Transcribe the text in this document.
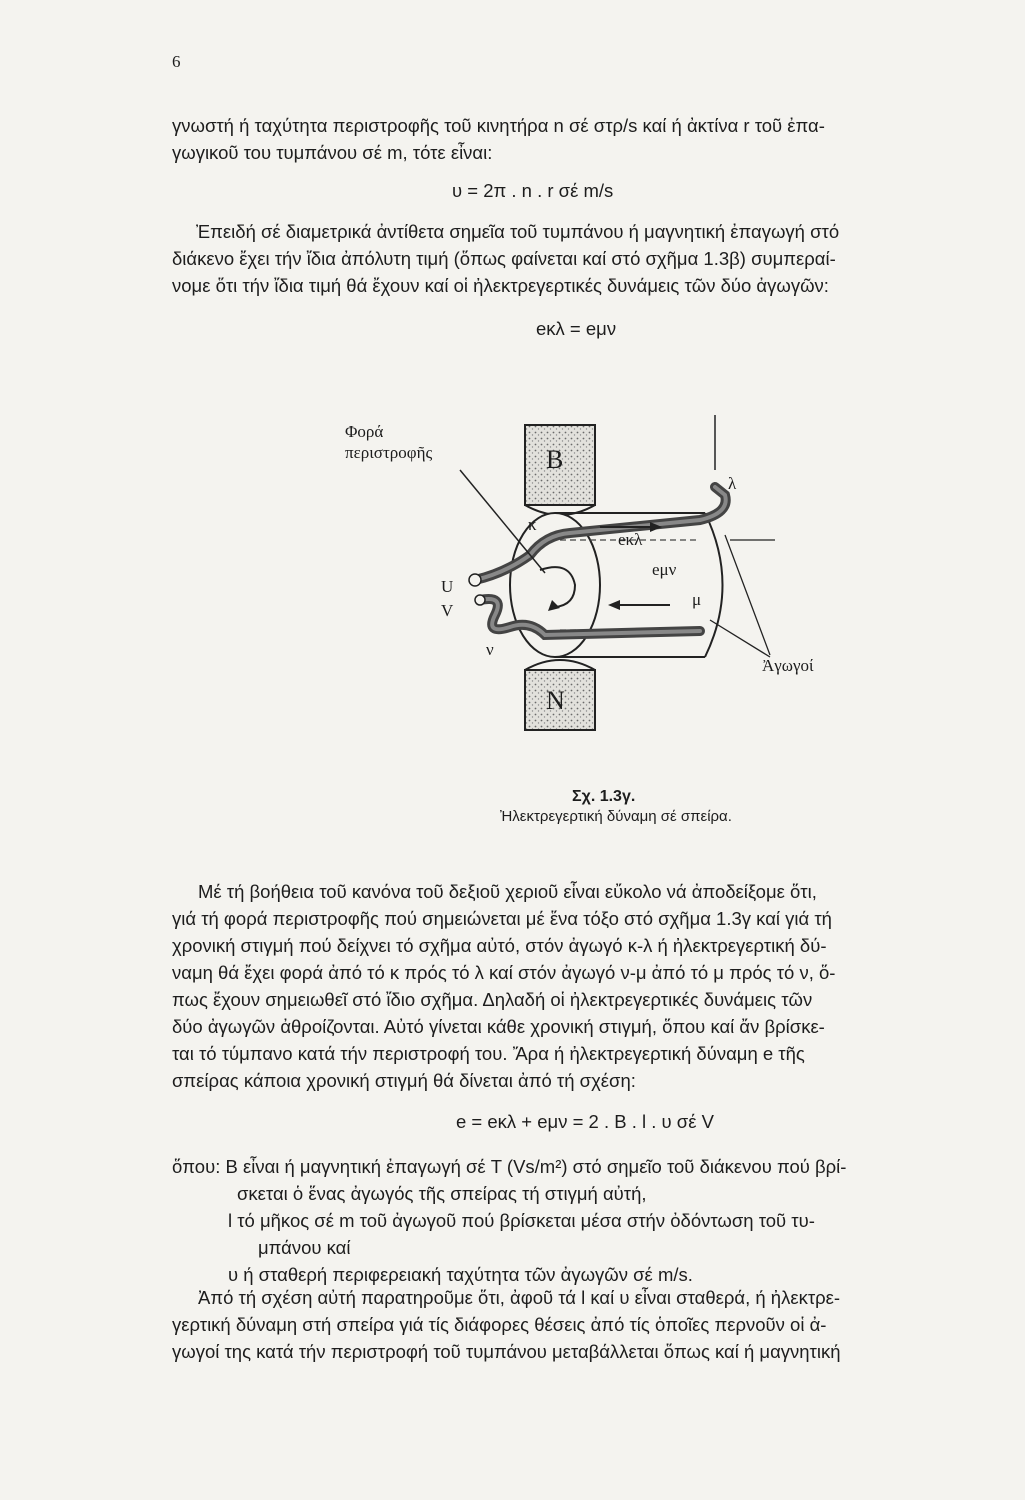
6
γνωστή ή ταχύτητα περιστροφῆς τοῦ κινητήρα n σέ στρ/s καί ή ἀκτίνα r τοῦ ἐπα-
γωγικοῦ του τυμπάνου σέ m, τότε εἶναι:
υ = 2π . n . r σέ m/s
Ἐπειδή σέ διαμετρικά ἀντίθετα σημεῖα τοῦ τυμπάνου ή μαγνητική ἐπαγωγή στό
διάκενο ἔχει τήν ἴδια ἀπόλυτη τιμή (ὅπως φαίνεται καί στό σχῆμα 1.3β) συμπεραί-
νομε ὅτι τήν ἴδια τιμή θά ἔχουν καί οἱ ἠλεκτρεγερτικές δυνάμεις τῶν δύο ἀγωγῶν:
eκλ = eμν
Φορά
περιστροφῆς	B
N
λ
κ
eκλ
eμν
μ
ν
U
V
Ἀγωγοί
Σχ. 1.3γ.
Ἠλεκτρεγερτική δύναμη σέ σπείρα.
Μέ τή βοήθεια τοῦ κανόνα τοῦ δεξιοῦ χεριοῦ εἶναι εὔκολο νά ἀποδείξομε ὅτι,
γιά τή φορά περιστροφῆς πού σημειώνεται μέ ἕνα τόξο στό σχῆμα 1.3γ καί γιά τή
χρονική στιγμή πού δείχνει τό σχῆμα αὐτό, στόν ἀγωγό κ-λ ή ἠλεκτρεγερτική δύ-
ναμη θά ἔχει φορά ἀπό τό κ πρός τό λ καί στόν ἀγωγό ν-μ ἀπό τό μ πρός τό ν, ὅ-
πως ἔχουν σημειωθεῖ στό ἴδιο σχῆμα. Δηλαδή οἱ ἠλεκτρεγερτικές δυνάμεις τῶν
δύο ἀγωγῶν ἀθροίζονται. Αὐτό γίνεται κάθε χρονική στιγμή, ὅπου καί ἄν βρίσκε-
ται τό τύμπανο κατά τήν περιστροφή του. Ἄρα ή ἠλεκτρεγερτική δύναμη e τῆς
σπείρας κάποια χρονική στιγμή θά δίνεται ἀπό τή σχέση:
e = eκλ + eμν = 2 . B . l . υ σέ V
ὅπου: B εἶναι ή μαγνητική ἐπαγωγή σέ T (Vs/m²) στό σημεῖο τοῦ διάκενου πού βρί-
σκεται ὁ ἕνας ἀγωγός τῆς σπείρας τή στιγμή αὐτή,
l τό μῆκος σέ m τοῦ ἀγωγοῦ πού βρίσκεται μέσα στήν ὀδόντωση τοῦ τυ-
μπάνου καί
υ ή σταθερή περιφερειακή ταχύτητα τῶν ἀγωγῶν σέ m/s.
Ἀπό τή σχέση αὐτή παρατηροῦμε ὅτι, ἀφοῦ τά l καί υ εἶναι σταθερά, ή ἠλεκτρε-
γερτική δύναμη στή σπείρα γιά τίς διάφορες θέσεις ἀπό τίς ὁποῖες περνοῦν οἱ ἀ-
γωγοί της κατά τήν περιστροφή τοῦ τυμπάνου μεταβάλλεται ὅπως καί ή μαγνητική
